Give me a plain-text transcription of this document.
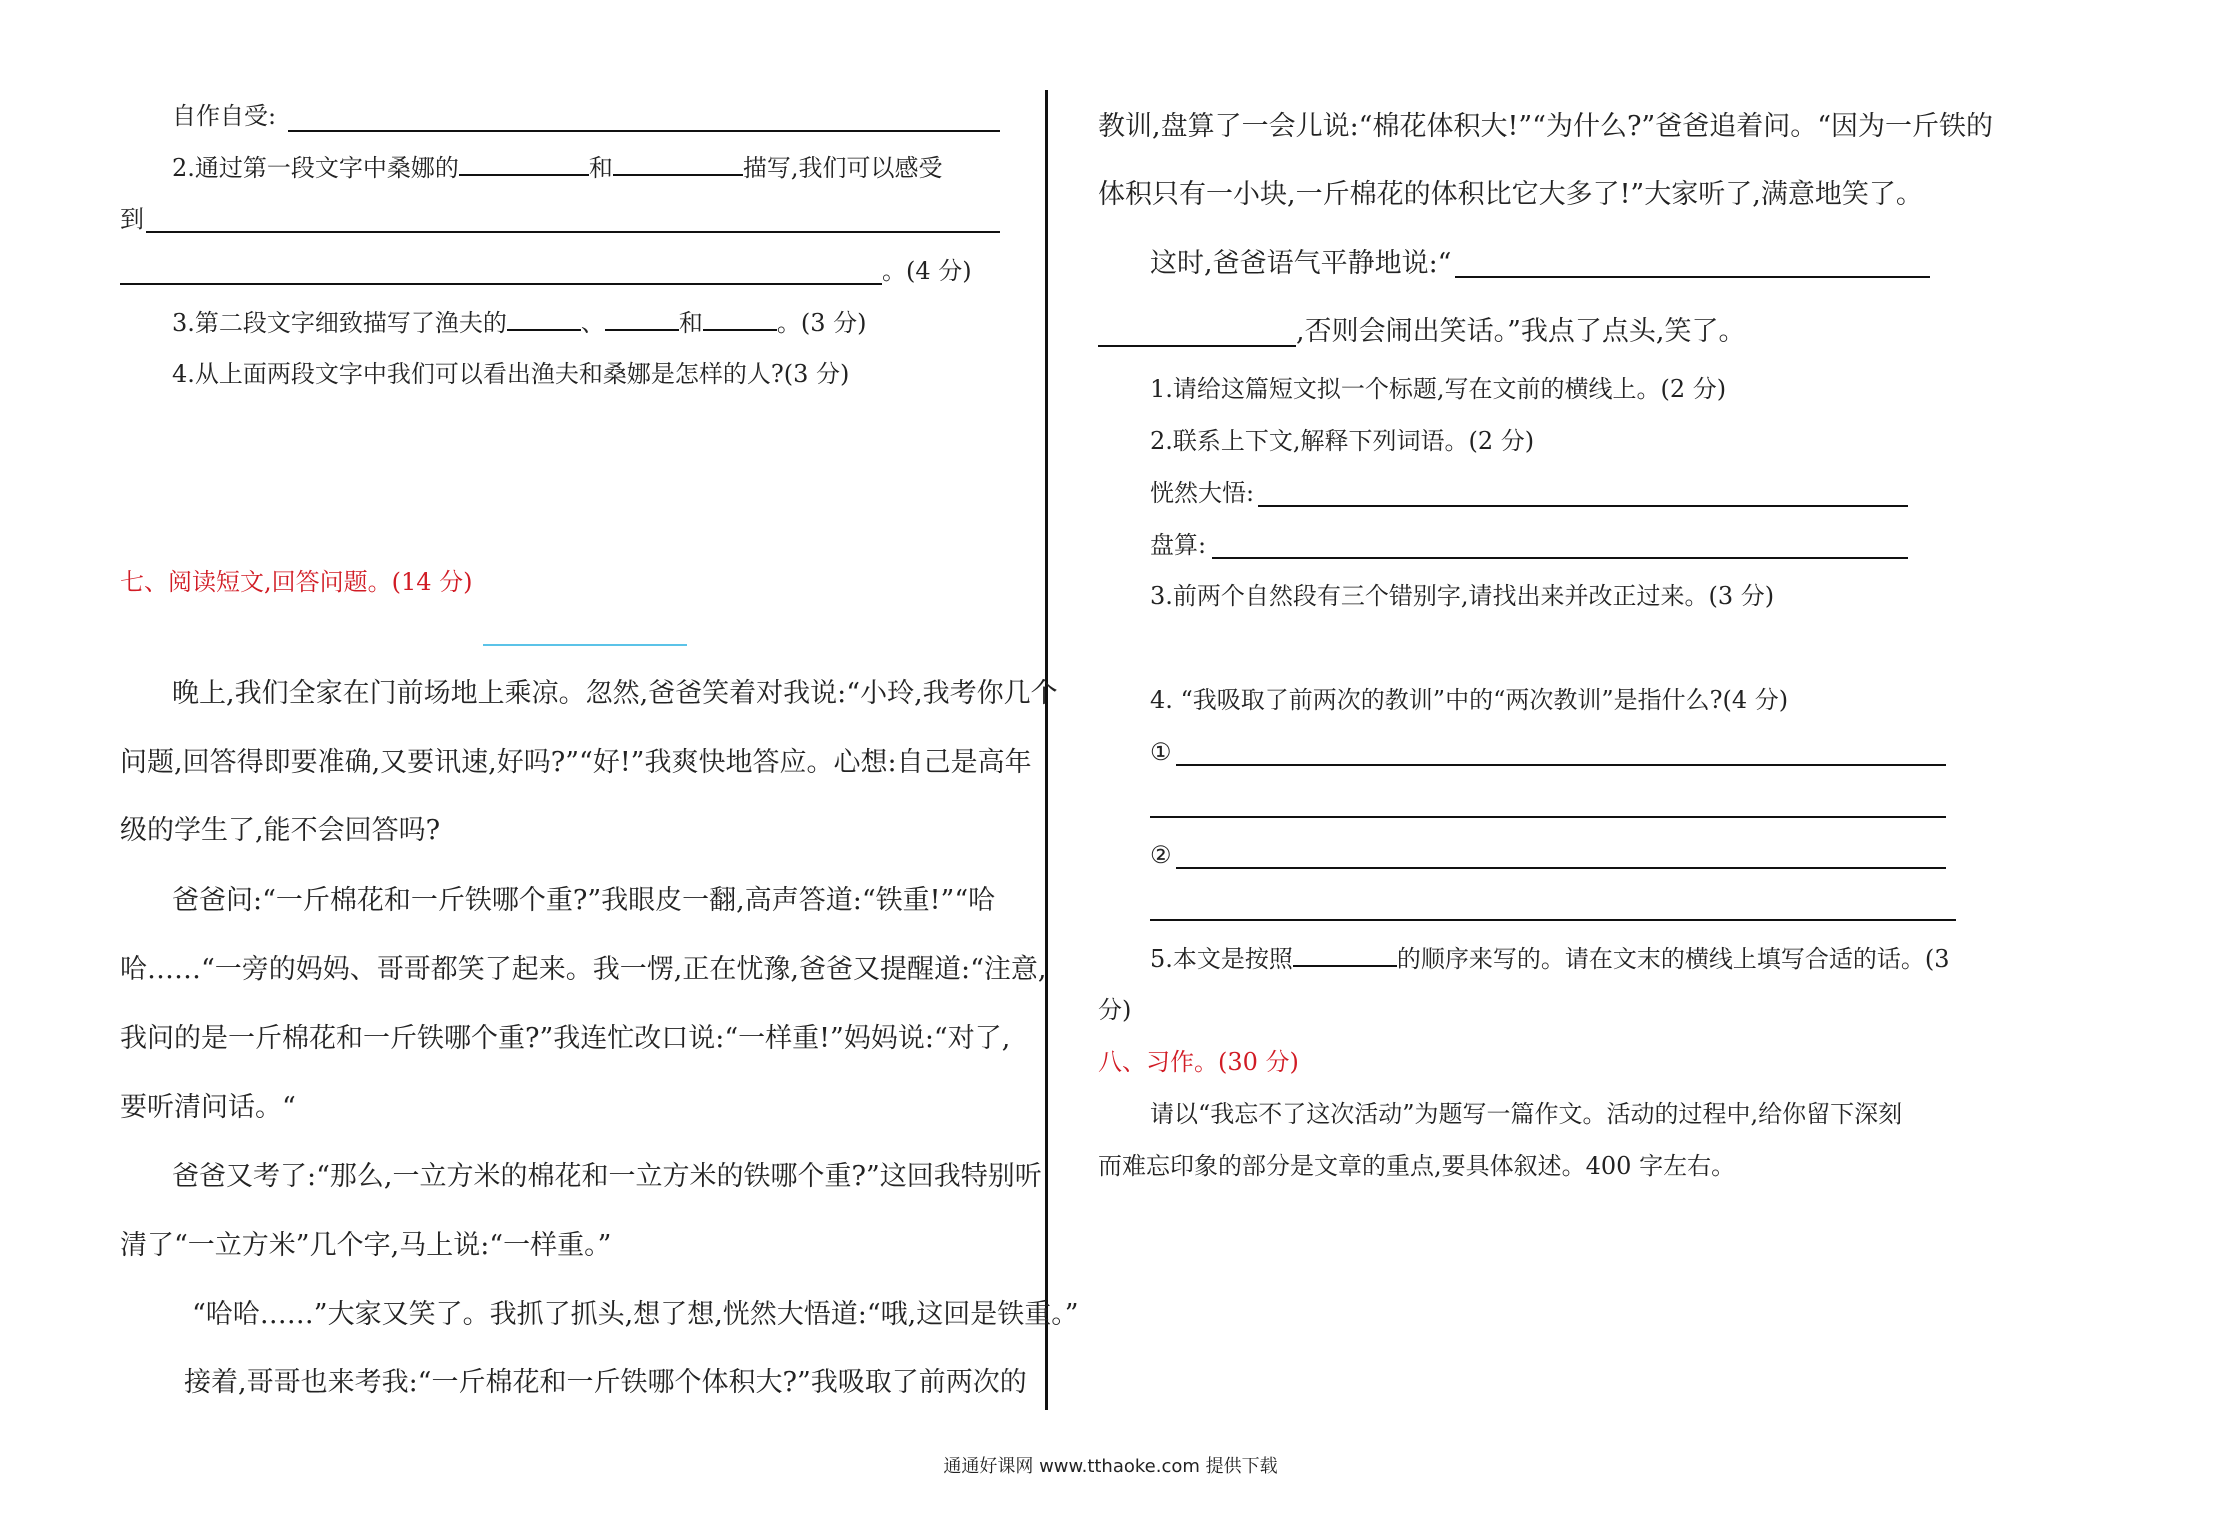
自作自受:
2.通过第一段文字中桑娜的	和	描写,我们可以感受
到
。(4 分)
3.第二段文字细致描写了渔夫的	、	和	。(3 分)
4.从上面两段文字中我们可以看出渔夫和桑娜是怎样的人?(3 分)
七、阅读短文,回答问题。(14 分)
晚上,我们全家在门前场地上乘凉。忽然,爸爸笑着对我说:“小玲,我考你几个
问题,回答得即要准确,又要讯速,好吗?”“好!”我爽快地答应。心想:自己是高年
级的学生了,能不会回答吗?
爸爸问:“一斤棉花和一斤铁哪个重?”我眼皮一翻,高声答道:“铁重!”“哈
哈……“一旁的妈妈、哥哥都笑了起来。我一愣,正在忧豫,爸爸又提醒道:“注意,
我问的是一斤棉花和一斤铁哪个重?”我连忙改口说:“一样重!”妈妈说:“对了,
要听清问话。“
爸爸又考了:“那么,一立方米的棉花和一立方米的铁哪个重?”这回我特别听
清了“一立方米”几个字,马上说:“一样重。”
“哈哈……”大家又笑了。我抓了抓头,想了想,恍然大悟道:“哦,这回是铁重。”
接着,哥哥也来考我:“一斤棉花和一斤铁哪个体积大?”我吸取了前两次的
教训,盘算了一会儿说:“棉花体积大!”“为什么?”爸爸追着问。“因为一斤铁的
体积只有一小块,一斤棉花的体积比它大多了!”大家听了,满意地笑了。
这时,爸爸语气平静地说:“
,否则会闹出笑话。”我点了点头,笑了。
1.请给这篇短文拟一个标题,写在文前的横线上。(2 分)
2.联系上下文,解释下列词语。(2 分)
恍然大悟:
盘算:
3.前两个自然段有三个错别字,请找出来并改正过来。(3 分)
4. “我吸取了前两次的教训”中的“两次教训”是指什么?(4 分)
①
②
5.本文是按照	的顺序来写的。请在文末的横线上填写合适的话。(3
分)
八、习作。(30 分)
请以“我忘不了这次活动”为题写一篇作文。活动的过程中,给你留下深刻
而难忘印象的部分是文章的重点,要具体叙述。400 字左右。
通通好课网 www.tthaoke.com 提供下载
